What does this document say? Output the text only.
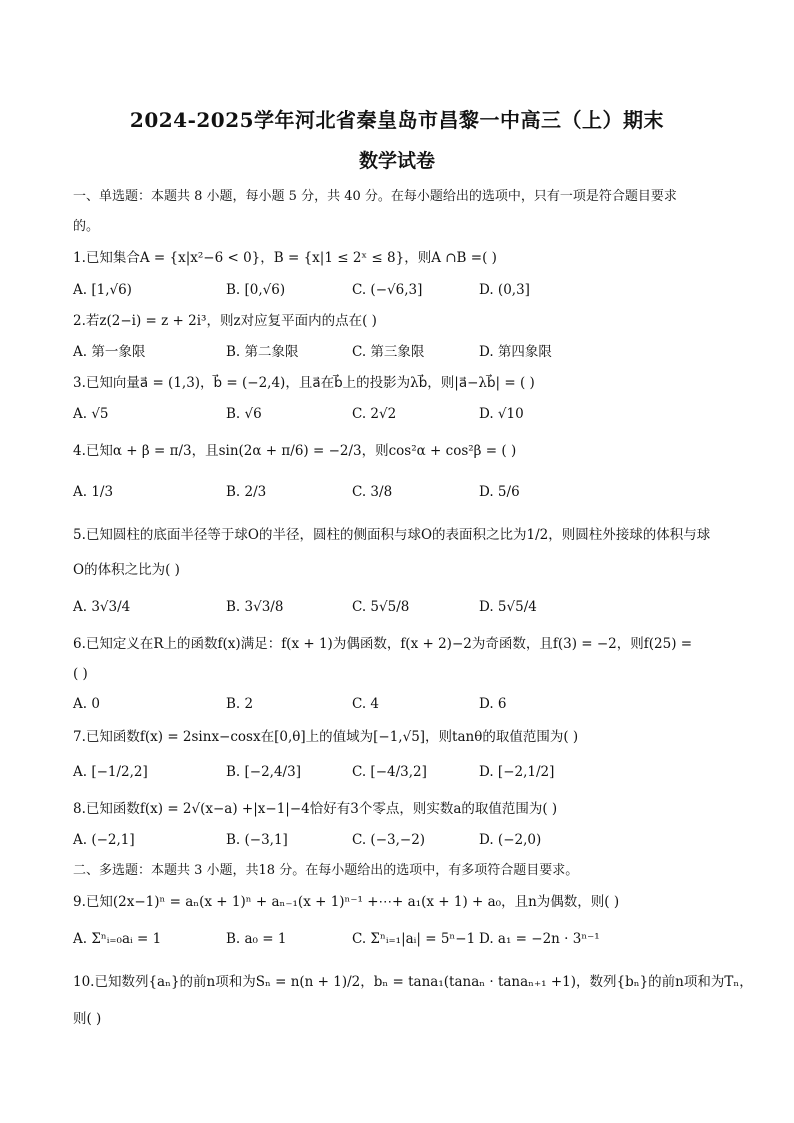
2024-2025学年河北省秦皇岛市昌黎一中高三（上）期末
数学试卷
一、单选题：本题共 8 小题，每小题 5 分，共 40 分。在每小题给出的选项中，只有一项是符合题目要求
的。
1.已知集合A = {x|x²−6 < 0}，B = {x|1 ≤ 2ˣ ≤ 8}，则A ∩B =( )
A. [1,√6)	B. [0,√6)	C. (−√6,3]	D. (0,3]
2.若z(2−i) = z + 2i³，则z对应复平面内的点在( )
A. 第一象限	B. 第二象限	C. 第三象限	D. 第四象限
3.已知向量a⃗ = (1,3)，b⃗ = (−2,4)，且a⃗在b⃗上的投影为λb⃗，则|a⃗−λb⃗| = ( )
A. √5	B. √6	C. 2√2	D. √10
4.已知α + β = π/3，且sin(2α + π/6) = −2/3，则cos²α + cos²β = ( )
A. 1/3	B. 2/3	C. 3/8	D. 5/6
5.已知圆柱的底面半径等于球O的半径，圆柱的侧面积与球O的表面积之比为1/2，则圆柱外接球的体积与球
O的体积之比为( )
A. 3√3/4	B. 3√3/8	C. 5√5/8	D. 5√5/4
6.已知定义在R上的函数f(x)满足：f(x + 1)为偶函数，f(x + 2)−2为奇函数，且f(3) = −2，则f(25) =
( )
A. 0	B. 2	C. 4	D. 6
7.已知函数f(x) = 2sinx−cosx在[0,θ]上的值域为[−1,√5]，则tanθ的取值范围为( )
A. [−1/2,2]	B. [−2,4/3]	C. [−4/3,2]	D. [−2,1/2]
8.已知函数f(x) = 2√(x−a) +|x−1|−4恰好有3个零点，则实数a的取值范围为( )
A. (−2,1]	B. (−3,1]	C. (−3,−2)	D. (−2,0)
二、多选题：本题共 3 小题，共18 分。在每小题给出的选项中，有多项符合题目要求。
9.已知(2x−1)ⁿ = aₙ(x + 1)ⁿ + aₙ₋₁(x + 1)ⁿ⁻¹ +⋯+ a₁(x + 1) + a₀，且n为偶数，则( )
A. Σⁿᵢ₌₀aᵢ = 1	B. a₀ = 1	C. Σⁿᵢ₌₁|aᵢ| = 5ⁿ−1 D. a₁ = −2n · 3ⁿ⁻¹
10.已知数列{aₙ}的前n项和为Sₙ = n(n + 1)/2，bₙ = tana₁(tanaₙ · tanaₙ₊₁ +1)，数列{bₙ}的前n项和为Tₙ，
则( )
